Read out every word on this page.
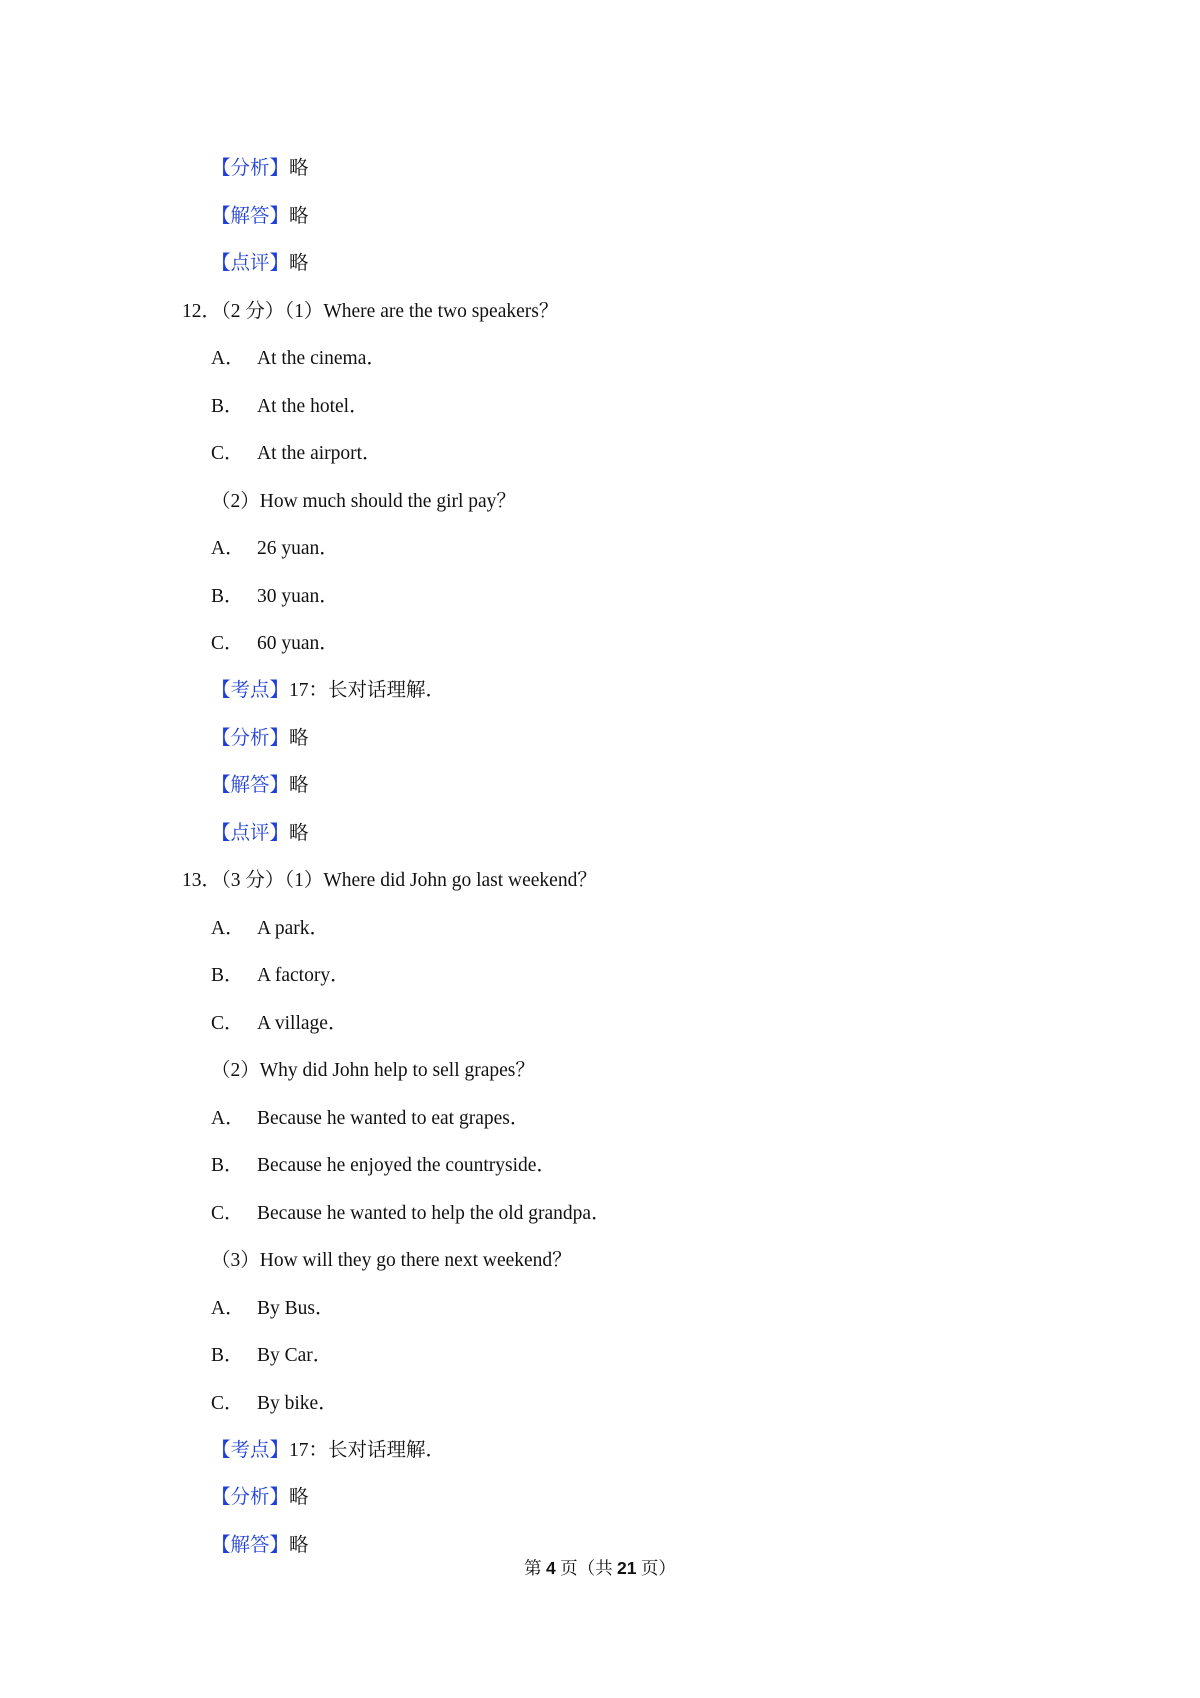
【分析】略

【解答】略

【点评】略

12．（2 分）（1）Where are the two speakers？

A． At the cinema．

B． At the hotel．

C． At the airport．

（2）How much should the girl pay？

A． 26 yuan．

B． 30 yuan．

C． 60 yuan．

【考点】17：长对话理解．

【分析】略

【解答】略

【点评】略

13．（3 分）（1）Where did John go last weekend？

A． A park．

B． A factory．

C． A village．

（2）Why did John help to sell grapes？

A． Because he wanted to eat grapes．

B． Because he enjoyed the countryside．

C． Because he wanted to help the old grandpa．

（3）How will they go there next weekend？

A． By Bus．

B． By Car．

C． By bike．

【考点】17：长对话理解．

【分析】略

【解答】略

第 4 页（共 21 页）
